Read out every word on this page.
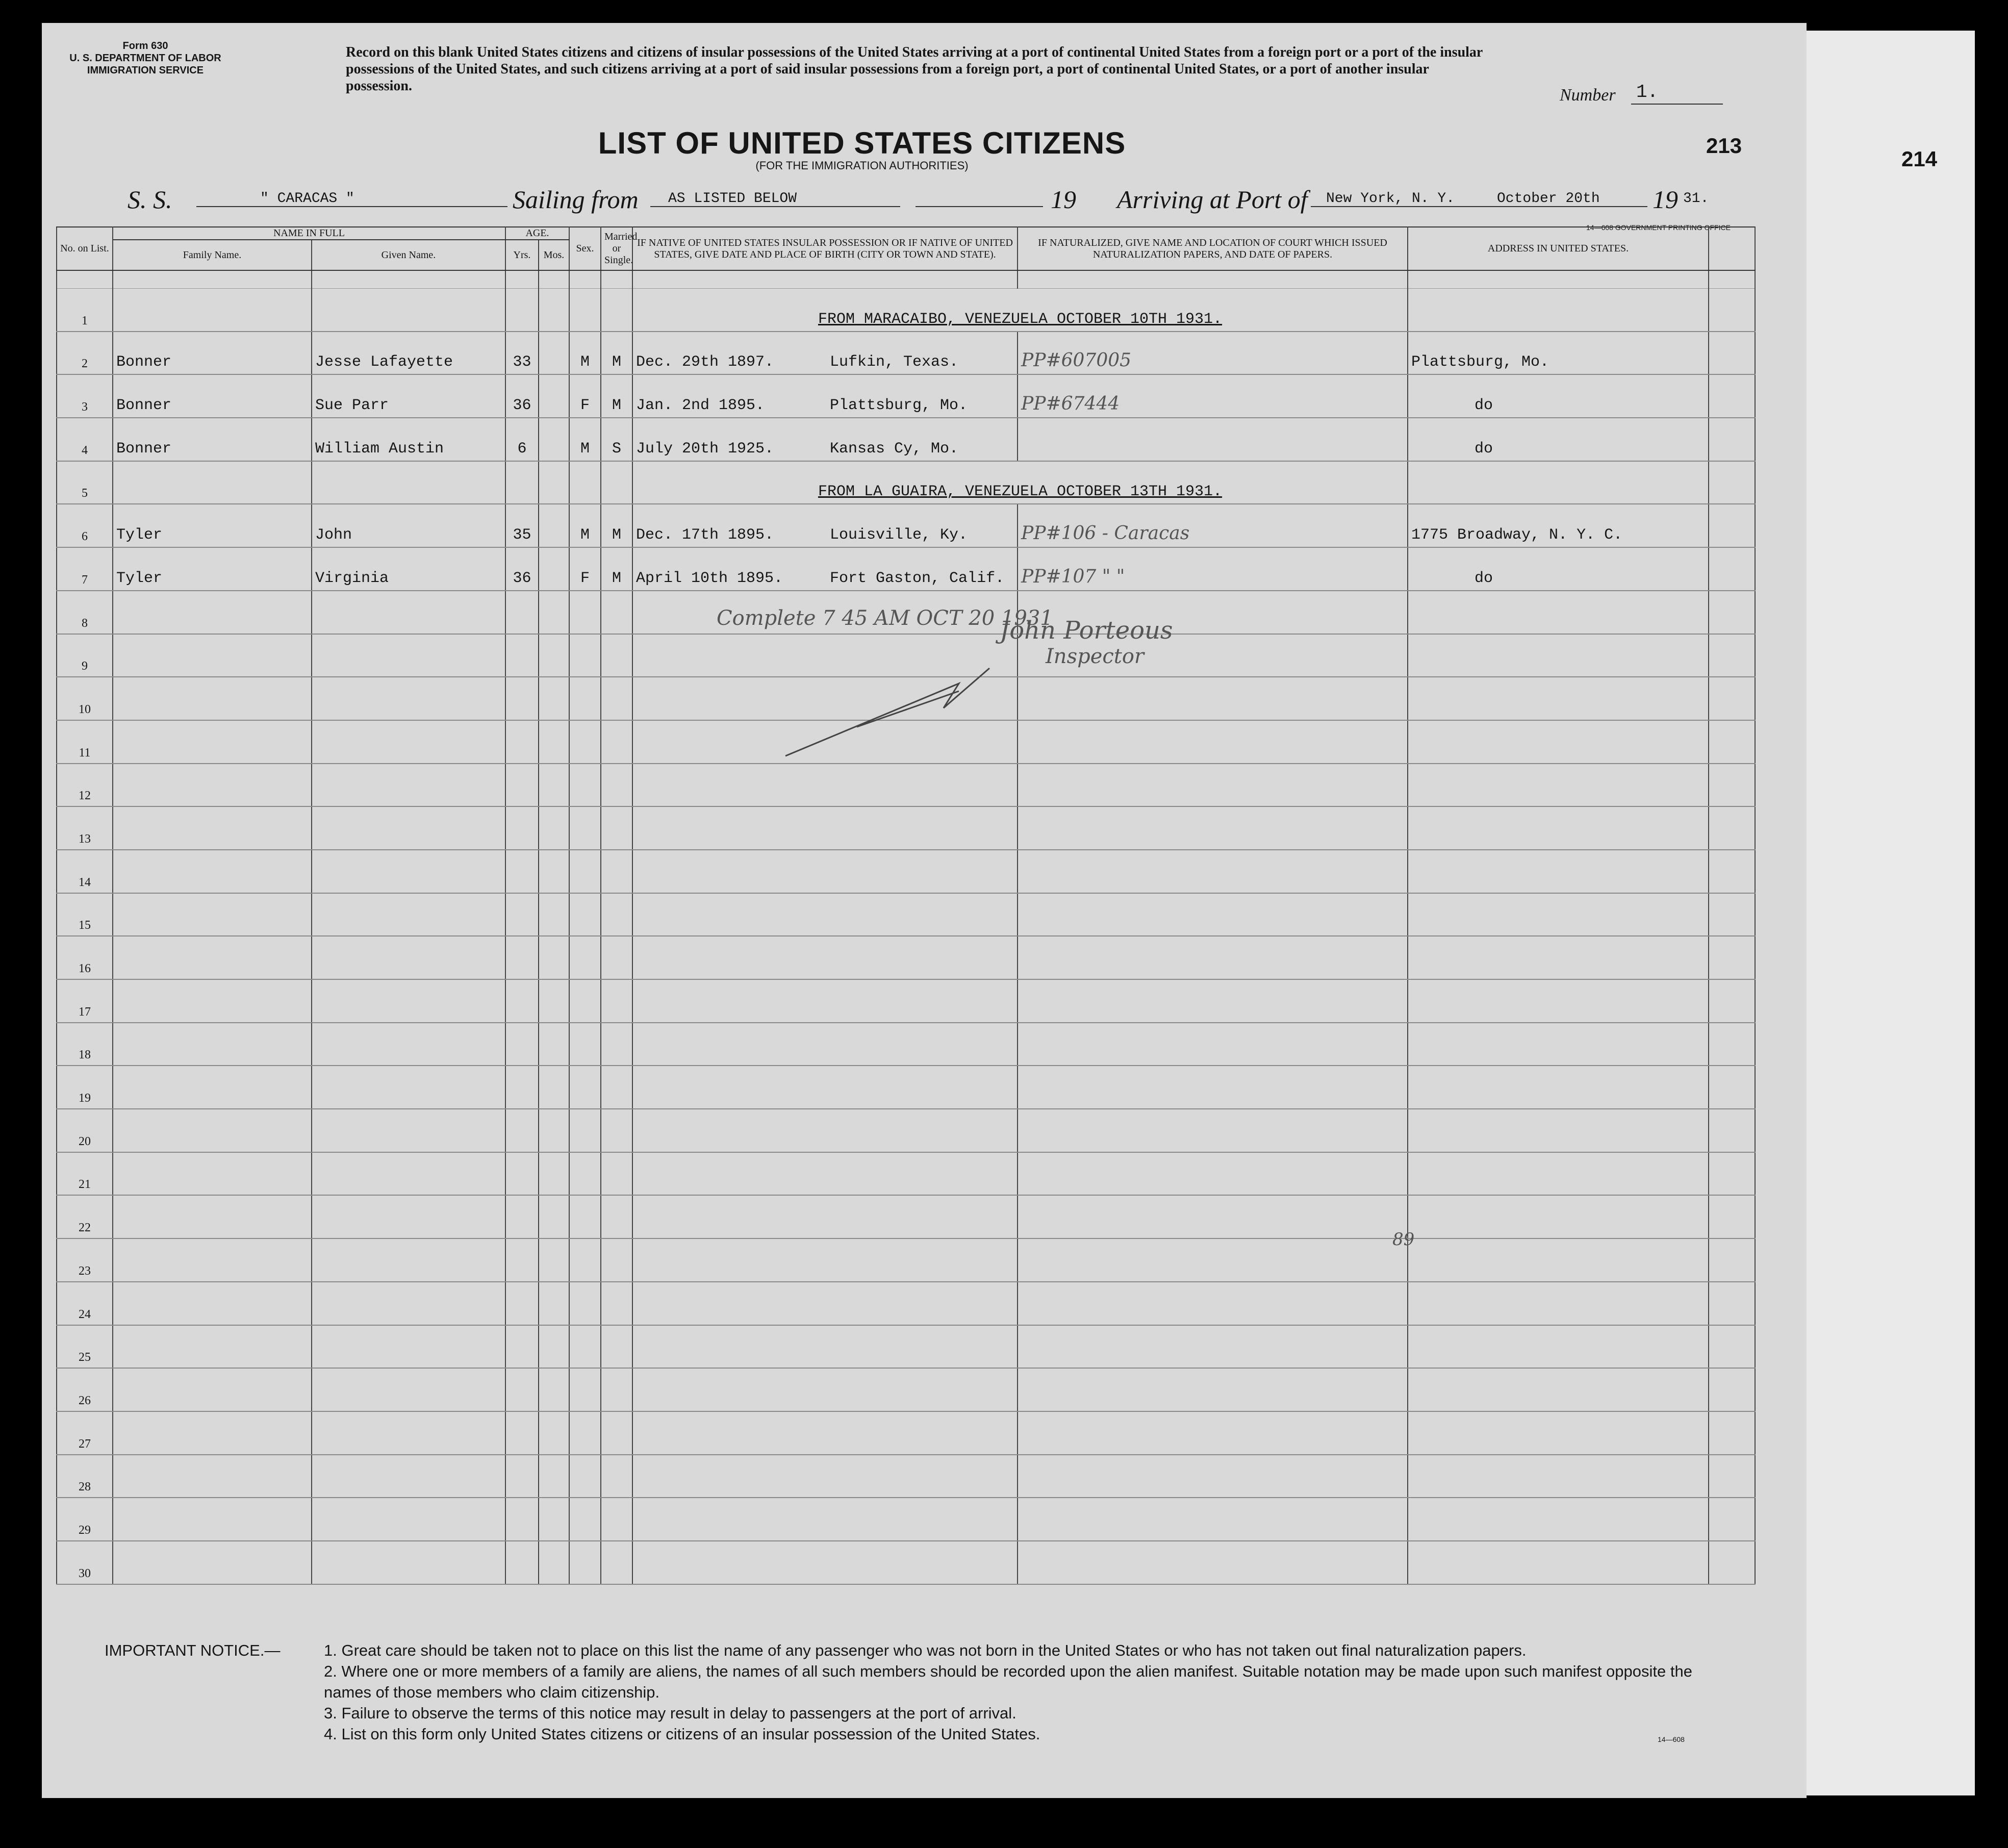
Form 630
U. S. DEPARTMENT OF LABOR
IMMIGRATION SERVICE
Record on this blank United States citizens and citizens of insular possessions of the United States arriving at a port of continental United States from a foreign port or a port of the insular possessions of the United States, and such citizens arriving at a port of said insular possessions from a foreign port, a port of continental United States, or a port of another insular possession.	Number 1.
LIST OF UNITED STATES CITIZENS
(FOR THE IMMIGRATION AUTHORITIES)
213
214
S. S.	" CARACAS "	Sailing from AS LISTED BELOW	19 Arriving at Port of New York, N. Y.	October 20th 19 31.
14—608 GOVERNMENT PRINTING OFFICE
No. on List.	NAME IN FULL		AGE.		Sex.	Married or Single.	IF NATIVE OF UNITED STATES INSULAR POSSESSION OR IF NATIVE OF UNITED STATES, GIVE DATE AND PLACE OF BIRTH (CITY OR TOWN AND STATE).	IF NATURALIZED, GIVE NAME AND LOCATION OF COURT WHICH ISSUED NATURALIZATION PAPERS, AND DATE OF PAPERS.	ADDRESS IN UNITED STATES.	
	Family Name.	Given Name.	Yrs.	Mos.						

1							FROM MARACAIBO, VENEZUELA OCTOBER 10TH 1931.			
2	Bonner	Jesse Lafayette	33		M	M	Dec. 29th 1897. Lufkin, Texas.	PP#607005	Plattsburg, Mo.	
3	Bonner	Sue Parr	36		F	M	Jan. 2nd 1895. Plattsburg, Mo.	PP#67444	do	
4	Bonner	William Austin	6		M	S	July 20th 1925. Kansas Cy, Mo.		do	
5							FROM LA GUAIRA, VENEZUELA OCTOBER 13TH 1931.			
6	Tyler	John	35		M	M	Dec. 17th 1895. Louisville, Ky.	PP#106 - Caracas	1775 Broadway, N. Y. C.	
7	Tyler	Virginia	36		F	M	April 10th 1895. Fort Gaston, Calif.	PP#107 " "	do	
8										
9										
10										
11										
12										
13										
14										
15										
16										
17										
18										
19										
20										
21										
22										
23										
24										
25										
26										
27										
28										
29										
30										
Complete 7 45 AM OCT 20 1931
John Porteous
Inspector
89
IMPORTANT NOTICE.—	1. Great care should be taken not to place on this list the name of any passenger who was not born in the United States or who has not taken out final naturalization papers.
2. Where one or more members of a family are aliens, the names of all such members should be recorded upon the alien manifest. Suitable notation may be made upon such manifest opposite the names of those members who claim citizenship.
3. Failure to observe the terms of this notice may result in delay to passengers at the port of arrival.
4. List on this form only United States citizens or citizens of an insular possession of the United States.	14—608
